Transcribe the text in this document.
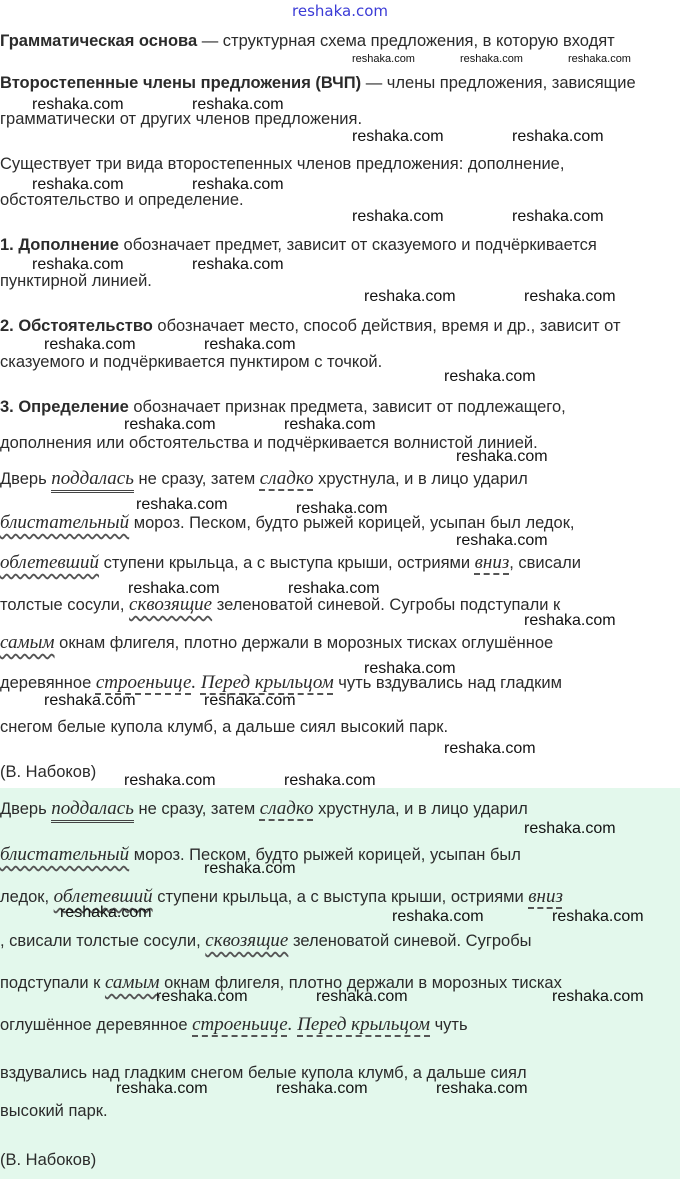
reshaka.com
Грамматическая основа — структурная схема предложения, в которую входят
Второстепенные члены предложения (ВЧП) — члены предложения, зависящие
грамматически от других членов предложения.
Существует три вида второстепенных членов предложения: дополнение,
обстоятельство и определение.
1. Дополнение обозначает предмет, зависит от сказуемого и подчёркивается
пунктирной линией.
2. Обстоятельство обозначает место, способ действия, время и др., зависит от
сказуемого и подчёркивается пунктиром с точкой.
3. Определение обозначает признак предмета, зависит от подлежащего,
дополнения или обстоятельства и подчёркивается волнистой линией.
Дверь поддалась не сразу, затем сладко хрустнула, и в лицо ударил
блистательный мороз. Песком, будто рыжей корицей, усыпан был ледок,
облетевший ступени крыльца, а с выступа крыши, остриями вниз, свисали
толстые сосули, сквозящие зеленоватой синевой. Сугробы подступали к
самым окнам флигеля, плотно держали в морозных тисках оглушённое
деревянное строеньице. Перед крыльцом чуть вздувались над гладким
снегом белые купола клумб, а дальше сиял высокий парк.
(В. Набоков)
Дверь поддалась не сразу, затем сладко хрустнула, и в лицо ударил
блистательный мороз. Песком, будто рыжей корицей, усыпан был
ледок, облетевший ступени крыльца, а с выступа крыши, остриями вниз
, свисали толстые сосули, сквозящие зеленоватой синевой. Сугробы
подступали к самым окнам флигеля, плотно держали в морозных тисках
оглушённое деревянное строеньице. Перед крыльцом чуть
вздувались над гладким снегом белые купола клумб, а дальше сиял
высокий парк.
(В. Набоков)
reshaka.com	reshaka.com	reshaka.com
reshaka.com	reshaka.com
reshaka.com	reshaka.com
reshaka.com	reshaka.com
reshaka.com	reshaka.com
reshaka.com	reshaka.com
reshaka.com	reshaka.com
reshaka.com	reshaka.com
reshaka.com
reshaka.com	reshaka.com
reshaka.com
reshaka.com	reshaka.com
reshaka.com
reshaka.com	reshaka.com
reshaka.com
reshaka.com
reshaka.com	reshaka.com
reshaka.com
reshaka.com	reshaka.com
reshaka.com
reshaka.com
reshaka.com	reshaka.com	reshaka.com
reshaka.com	reshaka.com	reshaka.com
reshaka.com	reshaka.com	reshaka.com
